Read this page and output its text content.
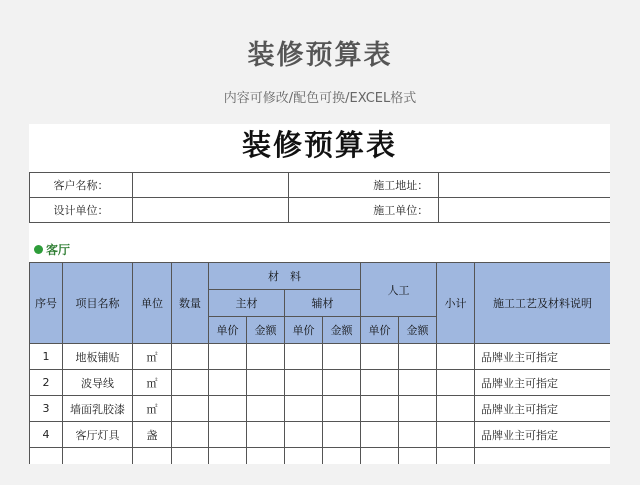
装修预算表
内容可修改/配色可换/EXCEL格式
装修预算表
客户名称：			施工地址：	
设计单位：			施工单位：	
客厅
序号	项目名称	单位	数量	材　料				人工		小计	施工工艺及材料说明
				主材		辅材					
				单价	金额	单价	金额	单价	金额		
1	地板铺贴	㎡									品牌业主可指定
2	波导线	㎡									品牌业主可指定
3	墙面乳胶漆	㎡									品牌业主可指定
4	客厅灯具	盏									品牌业主可指定
